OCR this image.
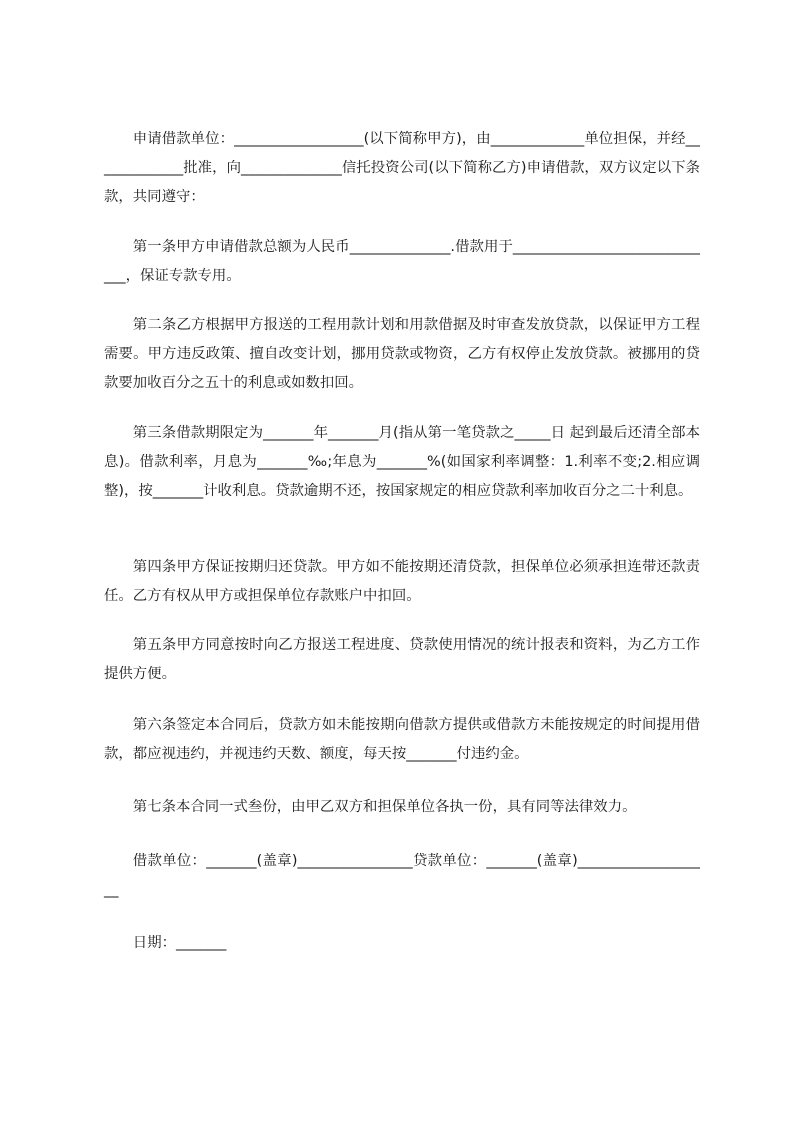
申请借款单位：__________________(以下简称甲方)，由_____________单位担保，并经_____________批准，向______________信托投资公司(以下简称乙方)申请借款，双方议定以下条款，共同遵守：

第一条甲方申请借款总额为人民币______________.借款用于_____________________________，保证专款专用。

第二条乙方根据甲方报送的工程用款计划和用款借据及时审查发放贷款，以保证甲方工程需要。甲方违反政策、擅自改变计划，挪用贷款或物资，乙方有权停止发放贷款。被挪用的贷款要加收百分之五十的利息或如数扣回。

第三条借款期限定为_______年_______月(指从第一笔贷款之_____日 起到最后还清全部本息)。借款利率，月息为_______‰;年息为_______%(如国家利率调整：1.利率不变;2.相应调整)，按_______计收利息。贷款逾期不还，按国家规定的相应贷款利率加收百分之二十利息。

第四条甲方保证按期归还贷款。甲方如不能按期还清贷款，担保单位必须承担连带还款责任。乙方有权从甲方或担保单位存款账户中扣回。

第五条甲方同意按时向乙方报送工程进度、贷款使用情况的统计报表和资料，为乙方工作提供方便。

第六条签定本合同后，贷款方如未能按期向借款方提供或借款方未能按规定的时间提用借款，都应视违约，并视违约天数、额度，每天按_______付违约金。

第七条本合同一式叁份，由甲乙双方和担保单位各执一份，具有同等法律效力。

借款单位：_______(盖章)________________贷款单位：_______(盖章)___________________

日期：_______
